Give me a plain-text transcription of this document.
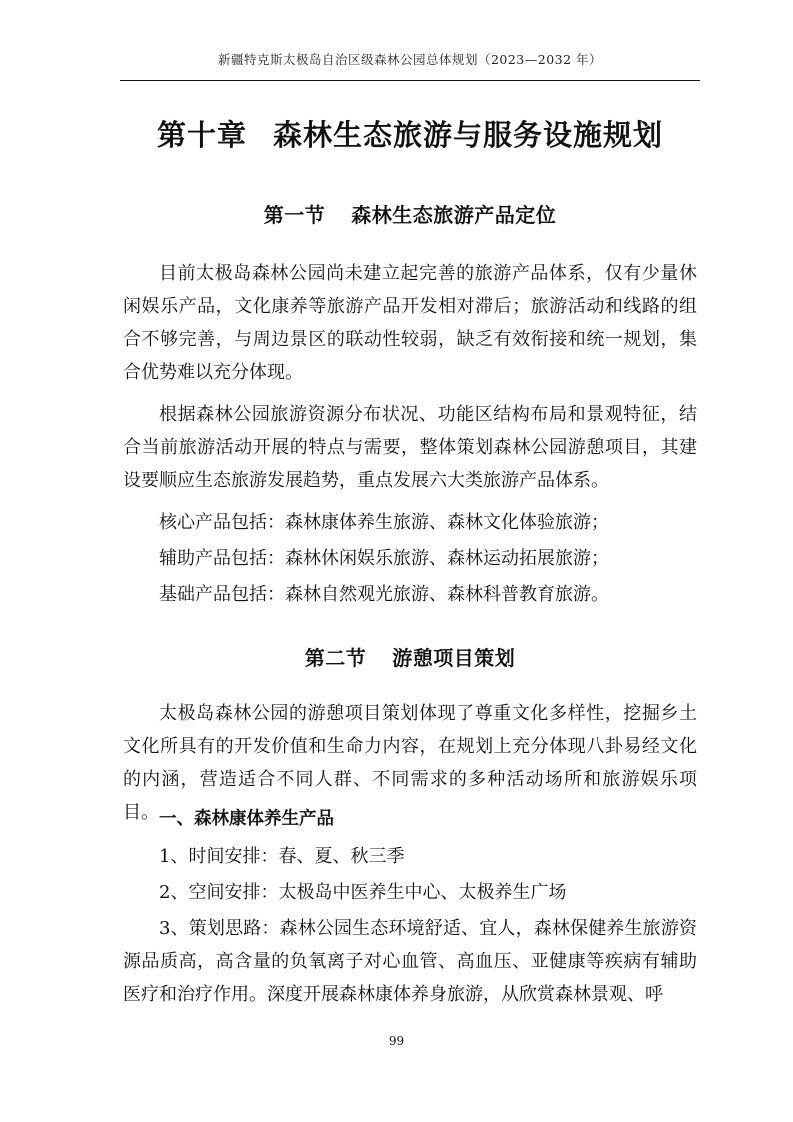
新疆特克斯太极岛自治区级森林公园总体规划（2023—2032 年）
第十章 森林生态旅游与服务设施规划
第一节 森林生态旅游产品定位
目前太极岛森林公园尚未建立起完善的旅游产品体系，仅有少量休闲娱乐产品，文化康养等旅游产品开发相对滞后；旅游活动和线路的组合不够完善，与周边景区的联动性较弱，缺乏有效衔接和统一规划，集合优势难以充分体现。
根据森林公园旅游资源分布状况、功能区结构布局和景观特征，结合当前旅游活动开展的特点与需要，整体策划森林公园游憩项目，其建设要顺应生态旅游发展趋势，重点发展六大类旅游产品体系。
核心产品包括：森林康体养生旅游、森林文化体验旅游；
辅助产品包括：森林休闲娱乐旅游、森林运动拓展旅游；
基础产品包括：森林自然观光旅游、森林科普教育旅游。
第二节 游憩项目策划
太极岛森林公园的游憩项目策划体现了尊重文化多样性，挖掘乡土文化所具有的开发价值和生命力内容，在规划上充分体现八卦易经文化的内涵，营造适合不同人群、不同需求的多种活动场所和旅游娱乐项目。 一、森林康体养生产品
1、时间安排：春、夏、秋三季
2、空间安排：太极岛中医养生中心、太极养生广场
3、策划思路：森林公园生态环境舒适、宜人，森林保健养生旅游资源品质高，高含量的负氧离子对心血管、高血压、亚健康等疾病有辅助医疗和治疗作用。深度开展森林康体养身旅游，从欣赏森林景观、呼
99
